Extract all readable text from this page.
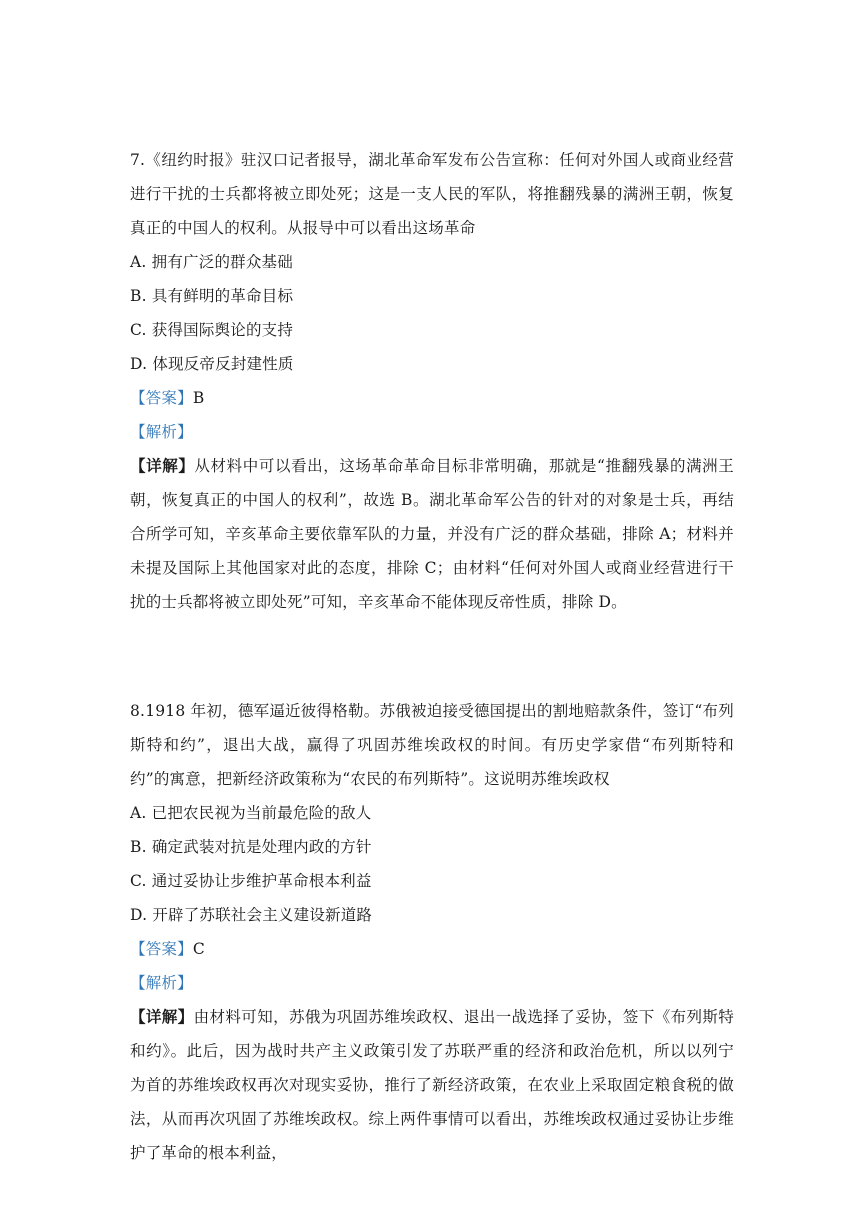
7.《纽约时报》驻汉口记者报导，湖北革命军发布公告宣称：任何对外国人或商业经营进行干扰的士兵都将被立即处死；这是一支人民的军队，将推翻残暴的满洲王朝，恢复真正的中国人的权利。从报导中可以看出这场革命
A. 拥有广泛的群众基础
B. 具有鲜明的革命目标
C. 获得国际舆论的支持
D. 体现反帝反封建性质
【答案】B
【解析】
【详解】从材料中可以看出，这场革命革命目标非常明确，那就是“推翻残暴的满洲王朝，恢复真正的中国人的权利”，故选 B。湖北革命军公告的针对的对象是士兵，再结合所学可知，辛亥革命主要依靠军队的力量，并没有广泛的群众基础，排除 A；材料并未提及国际上其他国家对此的态度，排除 C；由材料“任何对外国人或商业经营进行干扰的士兵都将被立即处死”可知，辛亥革命不能体现反帝性质，排除 D。
8.1918 年初，德军逼近彼得格勒。苏俄被迫接受德国提出的割地赔款条件，签订“布列斯特和约”，退出大战，赢得了巩固苏维埃政权的时间。有历史学家借“布列斯特和约”的寓意，把新经济政策称为“农民的布列斯特”。这说明苏维埃政权
A. 已把农民视为当前最危险的敌人
B. 确定武装对抗是处理内政的方针
C. 通过妥协让步维护革命根本利益
D. 开辟了苏联社会主义建设新道路
【答案】C
【解析】
【详解】由材料可知，苏俄为巩固苏维埃政权、退出一战选择了妥协，签下《布列斯特和约》。此后，因为战时共产主义政策引发了苏联严重的经济和政治危机，所以以列宁为首的苏维埃政权再次对现实妥协，推行了新经济政策，在农业上采取固定粮食税的做法，从而再次巩固了苏维埃政权。综上两件事情可以看出，苏维埃政权通过妥协让步维护了革命的根本利益，
